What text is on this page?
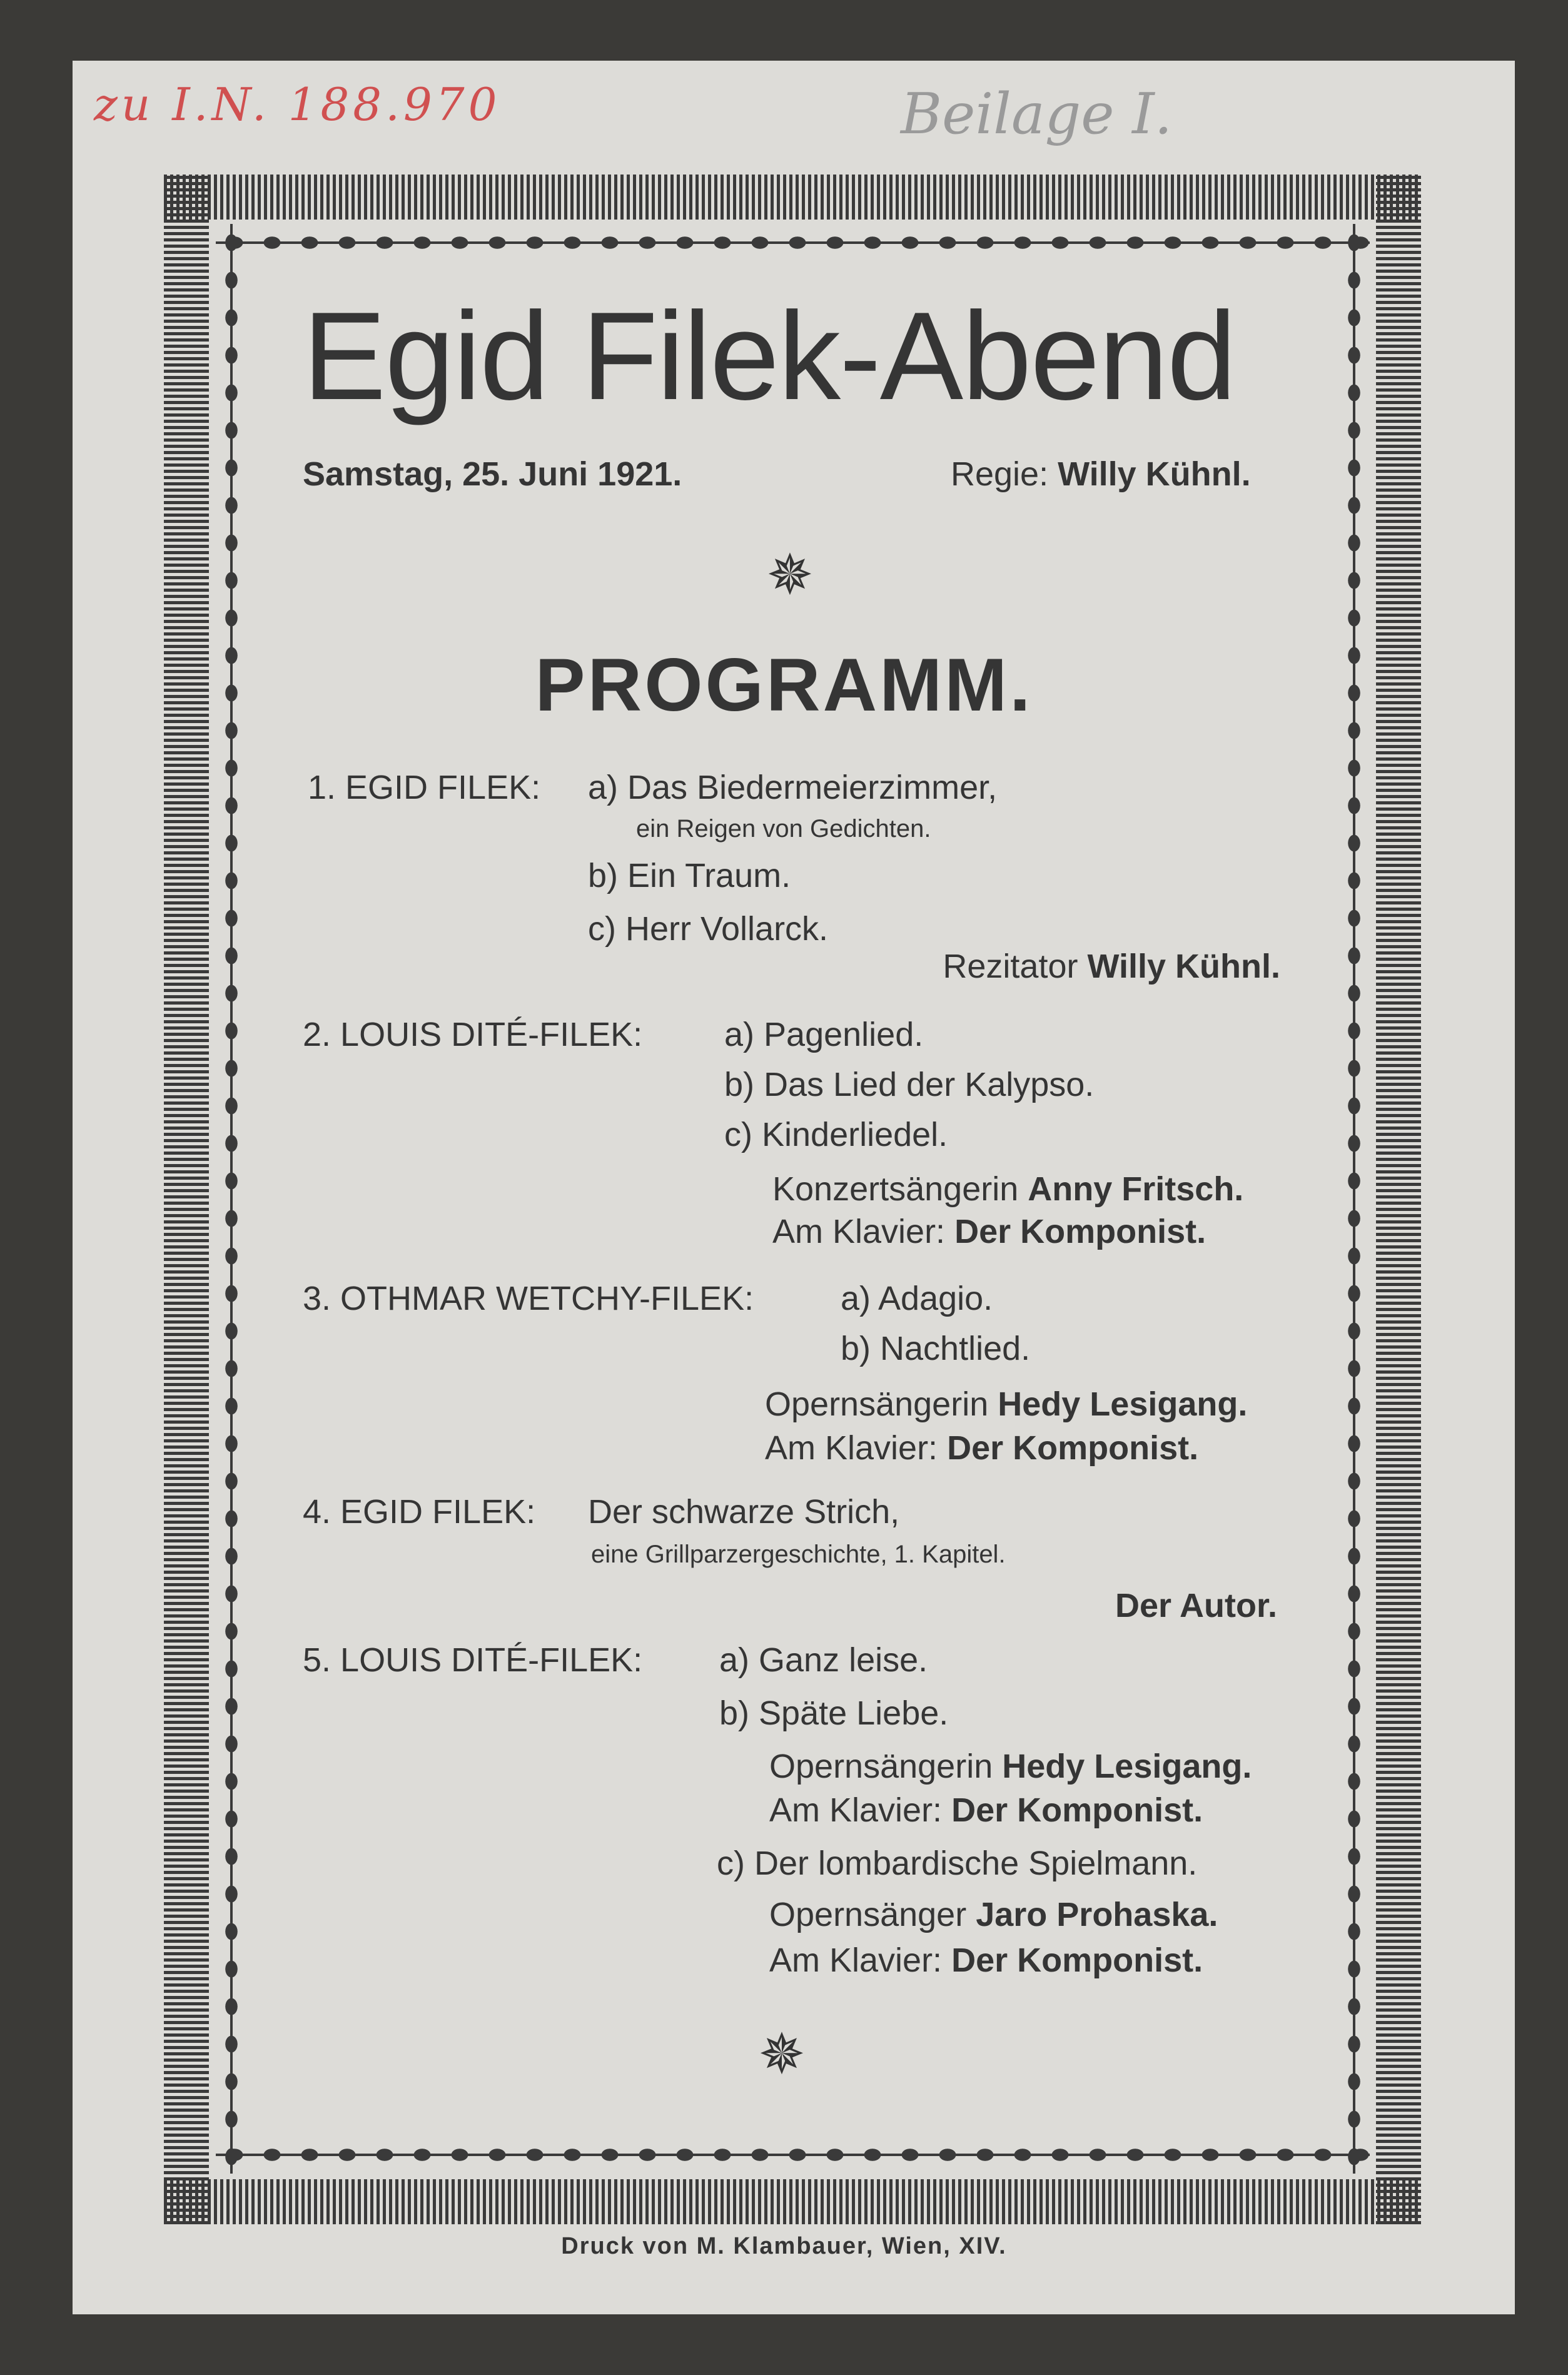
zu I.N. 188.970	Beilage I.
Egid Filek-Abend
Samstag, 25. Juni 1921.	Regie: Willy Kühnl.
✵
PROGRAMM.
1. EGID FILEK: a) Das Biedermeierzimmer,
ein Reigen von Gedichten.
b) Ein Traum.
c) Herr Vollarck.
Rezitator Willy Kühnl.
2. LOUIS DITÉ-FILEK: a) Pagenlied.
b) Das Lied der Kalypso.
c) Kinderliedel.
Konzertsängerin Anny Fritsch.
Am Klavier: Der Komponist.
3. OTHMAR WETCHY-FILEK:	a) Adagio.
b) Nachtlied.
Opernsängerin Hedy Lesigang.
Am Klavier: Der Komponist.
4. EGID FILEK: Der schwarze Strich,
eine Grillparzergeschichte, 1. Kapitel.
Der Autor.
5. LOUIS DITÉ-FILEK: a) Ganz leise.
b) Späte Liebe.
Opernsängerin Hedy Lesigang.
Am Klavier: Der Komponist.
c) Der lombardische Spielmann.
Opernsänger Jaro Prohaska.
Am Klavier: Der Komponist.
✵
Druck von M. Klambauer, Wien, XIV.
